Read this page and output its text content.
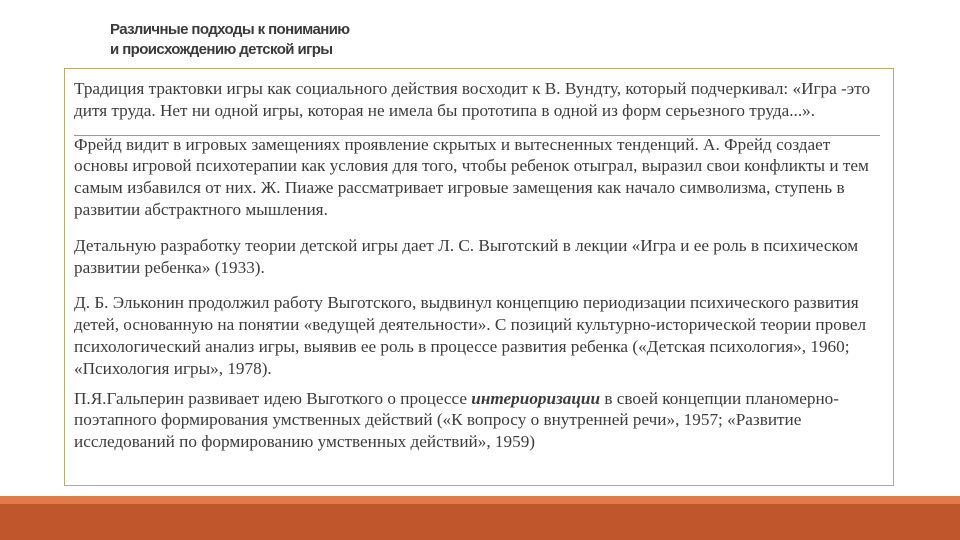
Различные подходы к пониманию
и происхождению детской игры

Традиция трактовки игры как социального действия восходит к В. Вундту, который подчеркивал: «Игра -это дитя труда. Нет ни одной игры, которая не имела бы прототипа в одной из форм серьезного труда...».

Фрейд видит в игровых замещениях проявление скрытых и вытесненных тенденций. А. Фрейд создает основы игровой психотерапии как условия для того, чтобы ребенок отыграл, выразил свои конфликты и тем самым избавился от них. Ж. Пиаже рассматривает игровые замещения как начало символизма, ступень в развитии абстрактного мышления.

Детальную разработку теории детской игры дает Л. С. Выготский в лекции «Игра и ее роль в психическом развитии ребенка» (1933).

Д. Б. Эльконин продолжил работу Выготского, выдвинул концепцию периодизации психического развития детей, основанную на понятии «ведущей деятельности». С позиций культурно-исторической теории провел психологический анализ игры, выявив ее роль в процессе развития ребенка («Детская психология», 1960; «Психология игры», 1978).

П.Я.Гальперин развивает идею Выготкого о процессе интериоризации в своей концепции планомерно-поэтапного формирования умственных действий («К вопросу о внутренней речи», 1957; «Развитие исследований по формированию умственных действий», 1959)
